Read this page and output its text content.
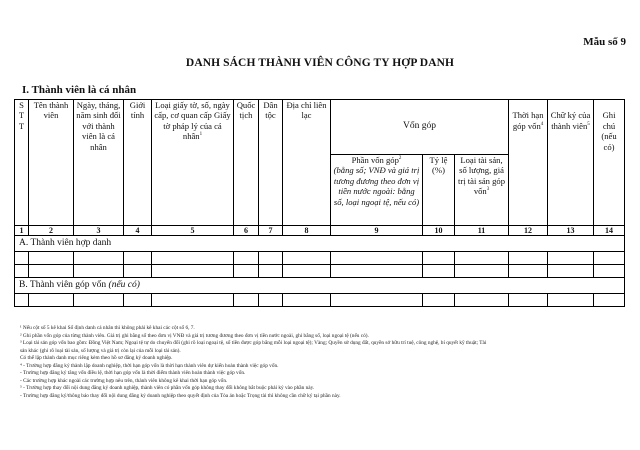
Mẫu số 9
DANH SÁCH THÀNH VIÊN CÔNG TY HỢP DANH
I. Thành viên là cá nhân
S T T	Tên thành viên	Ngày, tháng, năm sinh đối với thành viên là cá nhân	Giới tính	Loại giấy tờ, số, ngày cấp, cơ quan cấp Giấy tờ pháp lý của cá nhân$^1$	Quốc tịch	Dân tộc	Địa chỉ liên lạc	Vốn góp			Thời hạn góp vốn$^4$	Chữ ký của thành viên$^5$	Ghi chú (nếu có)
								Phần vốn góp$^2$
(bằng số; VNĐ và giá trị tương đương theo đơn vị tiền nước ngoài: bằng số, loại ngoại tệ, nếu có)	Tỷ lệ (%)	Loại tài sản, số lượng, giá trị tài sản góp vốn$^3$
1	2	3	4	5	6	7	8	9	10	11	12	13	14
A. Thành viên hợp danh													

B. Thành viên góp vốn (nếu có)													

¹ Nếu cột số 5 kê khai Số định danh cá nhân thì không phải kê khai các cột số 6, 7.
² Ghi phần vốn góp của từng thành viên. Giá trị ghi bằng số theo đơn vị VNĐ và giá trị tương đương theo đơn vị tiền nước ngoài, ghi bằng số, loại ngoại tệ (nếu có).
³ Loại tài sản góp vốn bao gồm: Đồng Việt Nam; Ngoại tệ tự do chuyển đổi (ghi rõ loại ngoại tệ, số tiền được góp bằng mỗi loại ngoại tệ); Vàng; Quyền sử dụng đất, quyền sở hữu trí tuệ, công nghệ, bí quyết kỹ thuật; Tài
sản khác (ghi rõ loại tài sản, số lượng và giá trị còn lại của mỗi loại tài sản).
Có thể lập thành danh mục riêng kèm theo hồ sơ đăng ký doanh nghiệp.
⁴ - Trường hợp đăng ký thành lập doanh nghiệp, thời hạn góp vốn là thời hạn thành viên dự kiến hoàn thành việc góp vốn.
- Trường hợp đăng ký tăng vốn điều lệ, thời hạn góp vốn là thời điểm thành viên hoàn thành việc góp vốn.
- Các trường hợp khác ngoài các trường hợp nêu trên, thành viên không kê khai thời hạn góp vốn.
⁵ - Trường hợp thay đổi nội dung đăng ký doanh nghiệp, thành viên có phần vốn góp không thay đổi không bắt buộc phải ký vào phần này.
- Trường hợp đăng ký/thông báo thay đổi nội dung đăng ký doanh nghiệp theo quyết định của Tòa án hoặc Trọng tài thì không cần chữ ký tại phần này.
